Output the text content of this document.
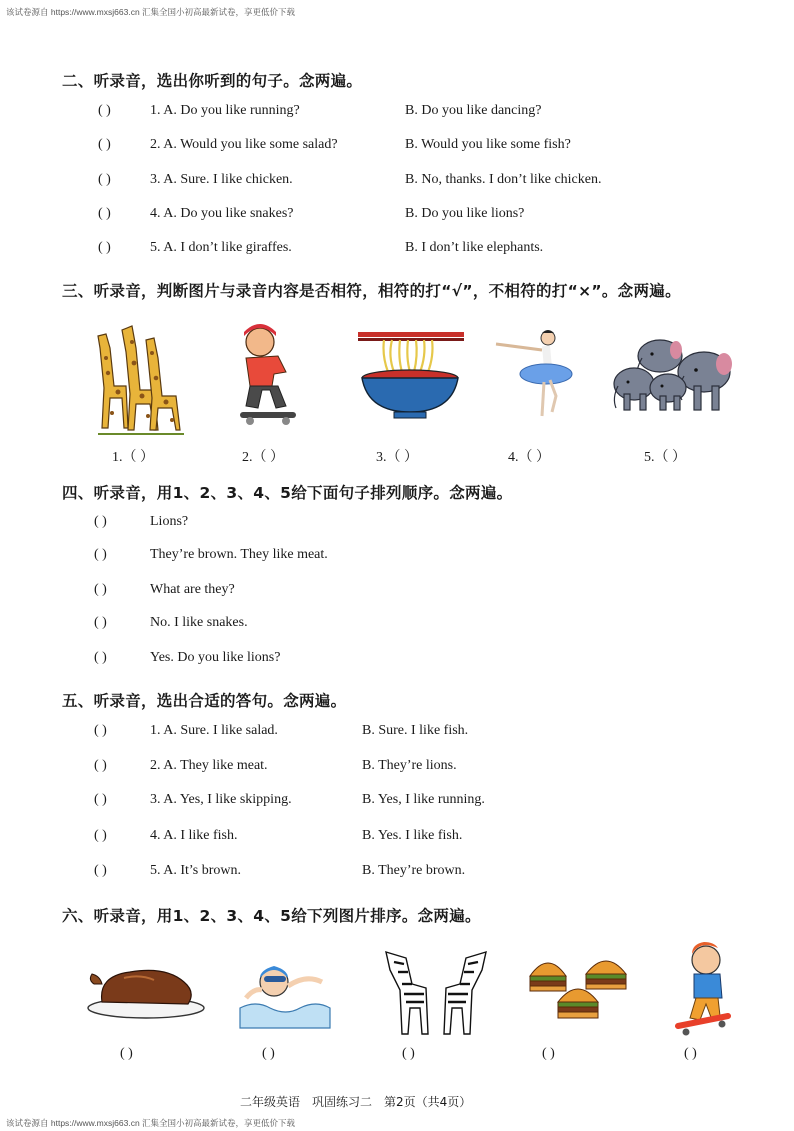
该试卷源自 https://www.mxsj663.cn 汇集全国小初高最新试卷，享更低价下载
该试卷源自 https://www.mxsj663.cn 汇集全国小初高最新试卷，享更低价下载
二、听录音，选出你听到的句子。念两遍。
( )	1. A. Do you like running?	B. Do you like dancing?
( )	2. A. Would you like some salad?	B. Would you like some fish?
( )	3. A. Sure. I like chicken.	B. No, thanks. I don’t like chicken.
( )	4. A. Do you like snakes?	B. Do you like lions?
( )	5. A. I don’t like giraffes.	B. I don’t like elephants.
三、听录音，判断图片与录音内容是否相符，相符的打“√”，不相符的打“×”。念两遍。
1.（ ）	2.（ ）	3.（ ）	4.（ ）	5.（ ）
四、听录音，用1、2、3、4、5给下面句子排列顺序。念两遍。
( )	Lions?
( )	They’re brown. They like meat.
( )	What are they?
( )	No. I like snakes.
( )	Yes. Do you like lions?
五、听录音，选出合适的答句。念两遍。
( )	1. A. Sure. I like salad.	B. Sure. I like fish.
( )	2. A. They like meat.	B. They’re lions.
( )	3. A. Yes, I like skipping.	B. Yes, I like running.
( )	4. A. I like fish.	B. Yes. I like fish.
( )	5. A. It’s brown.	B. They’re brown.
六、听录音，用1、2、3、4、5给下列图片排序。念两遍。
( )	( )	( )	( )	( )
二年级英语　巩固练习二　第2页（共4页）
